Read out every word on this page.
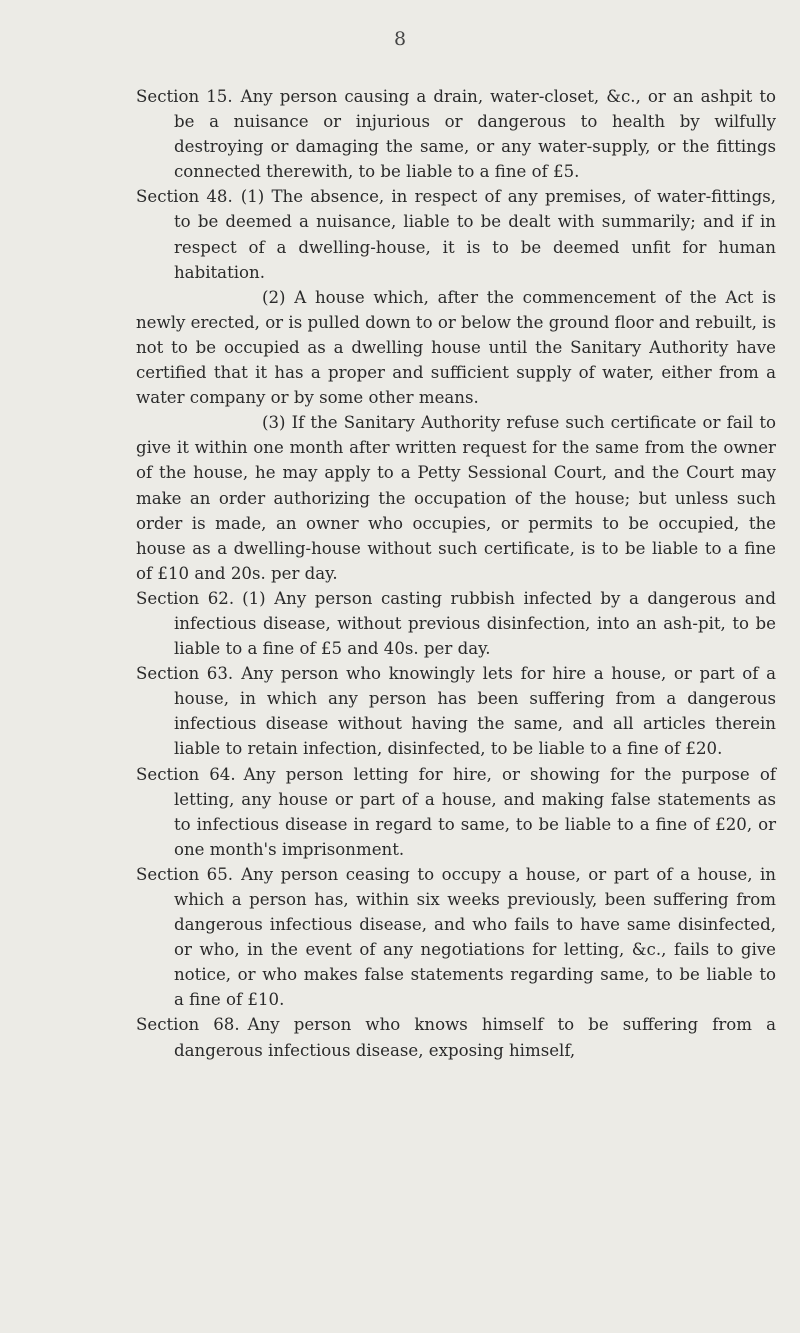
8

Section 15. Any person causing a drain, water-closet, &c., or an ashpit to be a nuisance or injurious or dangerous to health by wilfully destroying or damaging the same, or any water-supply, or the fittings connected therewith, to be liable to a fine of £5.

Section 48. (1) The absence, in respect of any premises, of water-fittings, to be deemed a nuisance, liable to be dealt with summarily; and if in respect of a dwelling-house, it is to be deemed unfit for human habitation.

(2) A house which, after the commencement of the Act is newly erected, or is pulled down to or below the ground floor and rebuilt, is not to be occupied as a dwelling house until the Sanitary Authority have certified that it has a proper and sufficient supply of water, either from a water company or by some other means.

(3) If the Sanitary Authority refuse such certificate or fail to give it within one month after written request for the same from the owner of the house, he may apply to a Petty Sessional Court, and the Court may make an order authorizing the occupation of the house; but unless such order is made, an owner who occupies, or permits to be occupied, the house as a dwelling-house without such certificate, is to be liable to a fine of £10 and 20s. per day.

Section 62. (1) Any person casting rubbish infected by a dangerous and infectious disease, without previous disinfection, into an ash-pit, to be liable to a fine of £5 and 40s. per day.

Section 63. Any person who knowingly lets for hire a house, or part of a house, in which any person has been suffering from a dangerous infectious disease without having the same, and all articles therein liable to retain infection, disinfected, to be liable to a fine of £20.

Section 64. Any person letting for hire, or showing for the purpose of letting, any house or part of a house, and making false statements as to infectious disease in regard to same, to be liable to a fine of £20, or one month's imprisonment.

Section 65. Any person ceasing to occupy a house, or part of a house, in which a person has, within six weeks previously, been suffering from dangerous infectious disease, and who fails to have same disinfected, or who, in the event of any negotiations for letting, &c., fails to give notice, or who makes false statements regarding same, to be liable to a fine of £10.

Section 68. Any person who knows himself to be suffering from a dangerous infectious disease, exposing himself,
